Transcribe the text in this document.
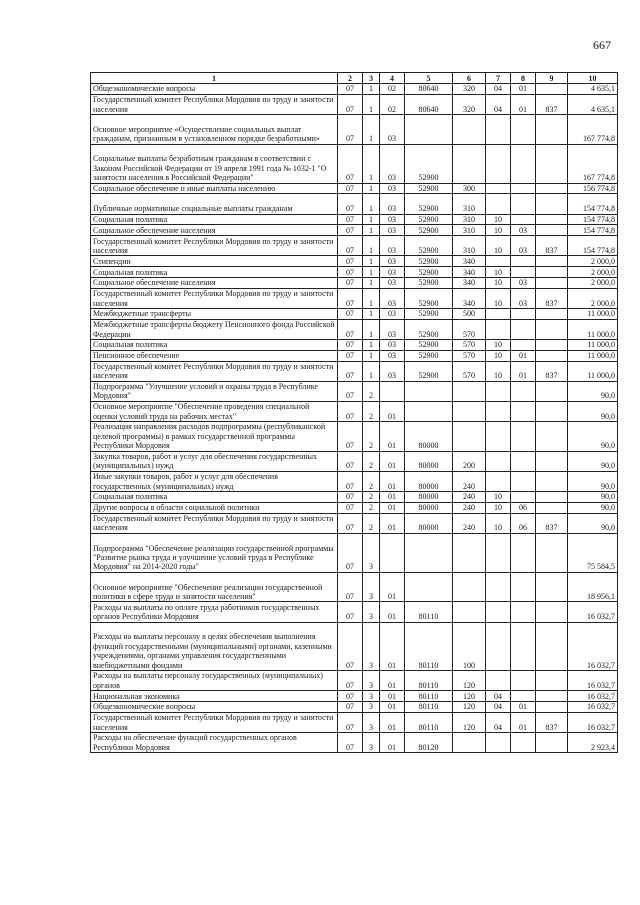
667
1	2	3	4	5	6	7	8	9	10
Общеэкономические вопросы	07	1	02	80640	320	04	01		4 635,1
Государственный комитет Республики Мордовия по труду и занятости населения	07	1	02	80640	320	04	01	837	4 635,1
Основное мероприятие «Осуществление социальных выплат гражданам, признанным в установленном порядке безработными»	07	1	03						167 774,8
Социальные выплаты безработным гражданам в соответствии с Законом Российской Федерации от 19 апреля 1991 года № 1032-1 "О занятости населения в Российской Федерации"	07	1	03	52900					167 774,8
Социальное обеспечение и иные выплаты населению	07	1	03	52900	300				156 774,8
Публичные нормативные социальные выплаты гражданам	07	1	03	52900	310				154 774,8
Социальная политика	07	1	03	52900	310	10			154 774,8
Социальное обеспечение населения	07	1	03	52900	310	10	03		154 774,8
Государственный комитет Республики Мордовия по труду и занятости населения	07	1	03	52900	310	10	03	837	154 774,8
Стипендии	07	1	03	52900	340				2 000,0
Социальная политика	07	1	03	52900	340	10			2 000,0
Социальное обеспечение населения	07	1	03	52900	340	10	03		2 000,0
Государственный комитет Республики Мордовия по труду и занятости населения	07	1	03	52900	340	10	03	837	2 000,0
Межбюджетные трансферты	07	1	03	52900	500				11 000,0
Межбюджетные трансферты бюджету Пенсионного фонда Российской Федерации	07	1	03	52900	570				11 000,0
Социальная политика	07	1	03	52900	570	10			11 000,0
Пенсионное обеспечение	07	1	03	52900	570	10	01		11 000,0
Государственный комитет Республики Мордовия по труду и занятости населения	07	1	03	52900	570	10	01	837	11 000,0
Подпрограмма "Улучшение условий и охраны труда в Республике Мордовия"	07	2							90,0
Основное мероприятие "Обеспечение проведения специальной оценки условий труда на рабочих местах"	07	2	01						90,0
Реализация направления расходов подпрограммы (республиканской целевой программы) в рамках государственной программы Республики Мордовия	07	2	01	80000					90,0
Закупка товаров, работ и услуг для обеспечения государственных (муниципальных) нужд	07	2	01	80000	200				90,0
Иные закупки товаров, работ и услуг для обеспечения государственных (муниципальных) нужд	07	2	01	80000	240				90,0
Социальная политика	07	2	01	80000	240	10			90,0
Другие вопросы в области социальной политики	07	2	01	80000	240	10	06		90,0
Государственный комитет Республики Мордовия по труду и занятости населения	07	2	01	80000	240	10	06	837	90,0
Подпрограмма "Обеспечение реализации государственной программы "Развитие рынка труда и улучшение условий труда в Республике Мордовия" на 2014-2020 годы"	07	3							75 584,5
Основное мероприятие "Обеспечение реализации государственной политики в сфере труда и занятости населения"	07	3	01						18 956,1
Расходы на выплаты по оплате труда работников государственных органов Республики Мордовия	07	3	01	80110					16 032,7
Расходы на выплаты персоналу в целях обеспечения выполнения функций государственными (муниципальными) органами, казенными учреждениями, органами управления государственными внебюджетными фондами	07	3	01	80110	100				16 032,7
Расходы на выплаты персоналу государственных (муниципальных) органов	07	3	01	80110	120				16 032,7
Национальная экономика	07	3	01	80110	120	04			16 032,7
Общеэкономические вопросы	07	3	01	80110	120	04	01		16 032,7
Государственный комитет Республики Мордовия по труду и занятости населения	07	3	01	80110	120	04	01	837	16 032,7
Расходы на обеспечение функций государственных органов Республики Мордовия	07	3	01	80120					2 923,4
